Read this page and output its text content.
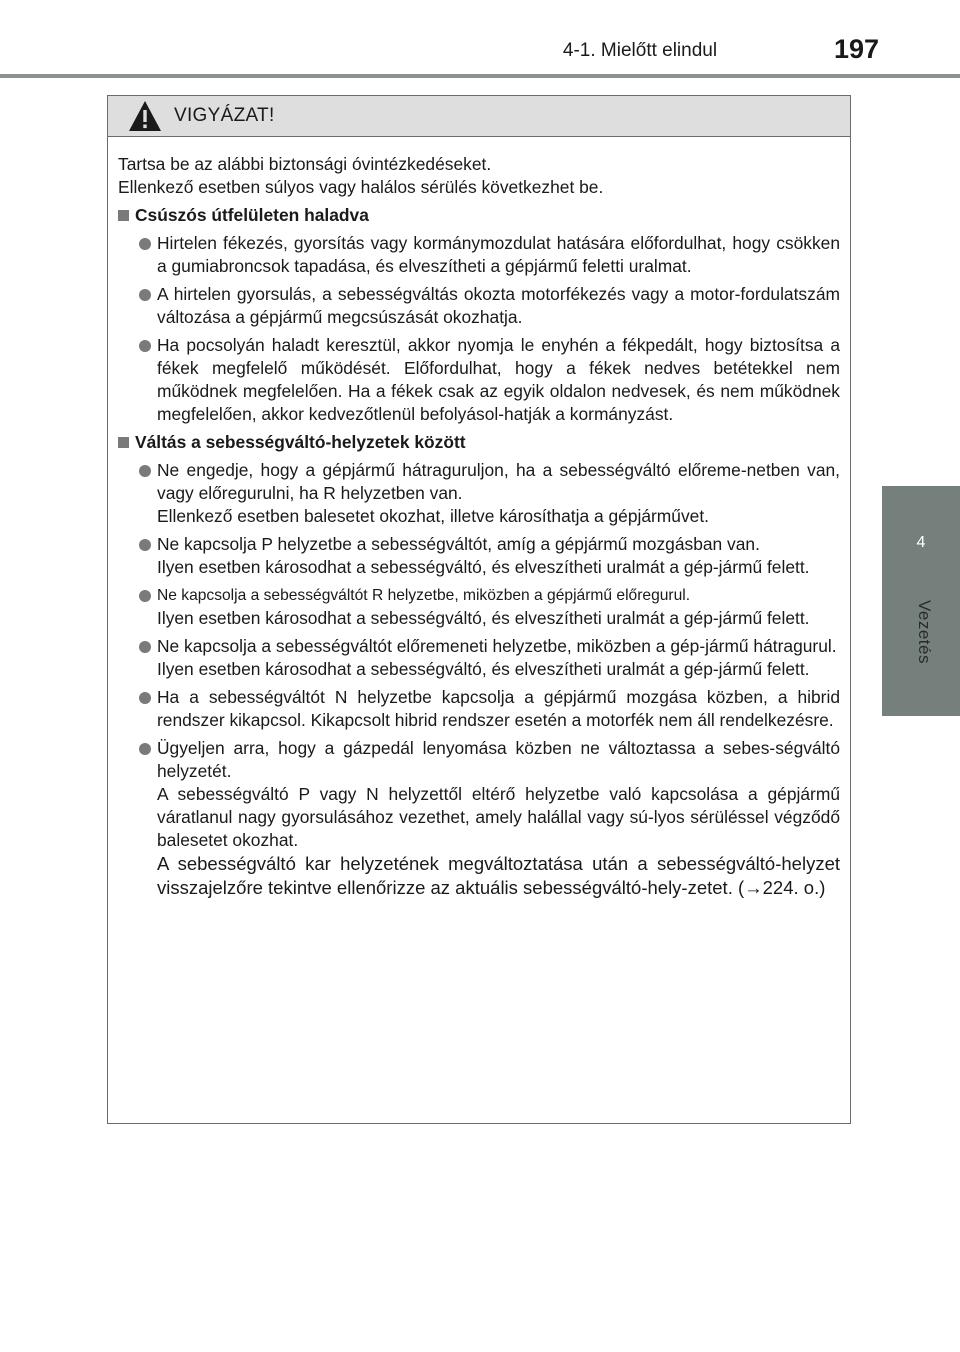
4-1. Mielőtt elindul	197
4
Vezetés
VIGYÁZAT!

Tartsa be az alábbi biztonsági óvintézkedéseket.

Ellenkező esetben súlyos vagy halálos sérülés következhet be.

Csúszós útfelületen haladva

Hirtelen fékezés, gyorsítás vagy kormánymozdulat hatására előfordulhat, hogy csökken a gumiabroncsok tapadása, és elveszítheti a gépjármű feletti uralmat.

A hirtelen gyorsulás, a sebességváltás okozta motorfékezés vagy a motor-fordulatszám változása a gépjármű megcsúszását okozhatja.

Ha pocsolyán haladt keresztül, akkor nyomja le enyhén a fékpedált, hogy biztosítsa a fékek megfelelő működését. Előfordulhat, hogy a fékek nedves betétekkel nem működnek megfelelően. Ha a fékek csak az egyik oldalon nedvesek, és nem működnek megfelelően, akkor kedvezőtlenül befolyásol-hatják a kormányzást.

Váltás a sebességváltó-helyzetek között

Ne engedje, hogy a gépjármű hátraguruljon, ha a sebességváltó előreme-netben van, vagy előregurulni, ha R helyzetben van.

Ellenkező esetben balesetet okozhat, illetve károsíthatja a gépjárművet.

Ne kapcsolja P helyzetbe a sebességváltót, amíg a gépjármű mozgásban van.

Ilyen esetben károsodhat a sebességváltó, és elveszítheti uralmát a gép-jármű felett.

Ne kapcsolja a sebességváltót R helyzetbe, miközben a gépjármű előregurul.

Ilyen esetben károsodhat a sebességváltó, és elveszítheti uralmát a gép-jármű felett.

Ne kapcsolja a sebességváltót előremeneti helyzetbe, miközben a gép-jármű hátragurul.

Ilyen esetben károsodhat a sebességváltó, és elveszítheti uralmát a gép-jármű felett.

Ha a sebességváltót N helyzetbe kapcsolja a gépjármű mozgása közben, a hibrid rendszer kikapcsol. Kikapcsolt hibrid rendszer esetén a motorfék nem áll rendelkezésre.

Ügyeljen arra, hogy a gázpedál lenyomása közben ne változtassa a sebes-ségváltó helyzetét.

A sebességváltó P vagy N helyzettől eltérő helyzetbe való kapcsolása a gépjármű váratlanul nagy gyorsulásához vezethet, amely halállal vagy sú-lyos sérüléssel végződő balesetet okozhat.

A sebességváltó kar helyzetének megváltoztatása után a sebességváltó-helyzet visszajelzőre tekintve ellenőrizze az aktuális sebességváltó-hely-zetet. (→224. o.)
